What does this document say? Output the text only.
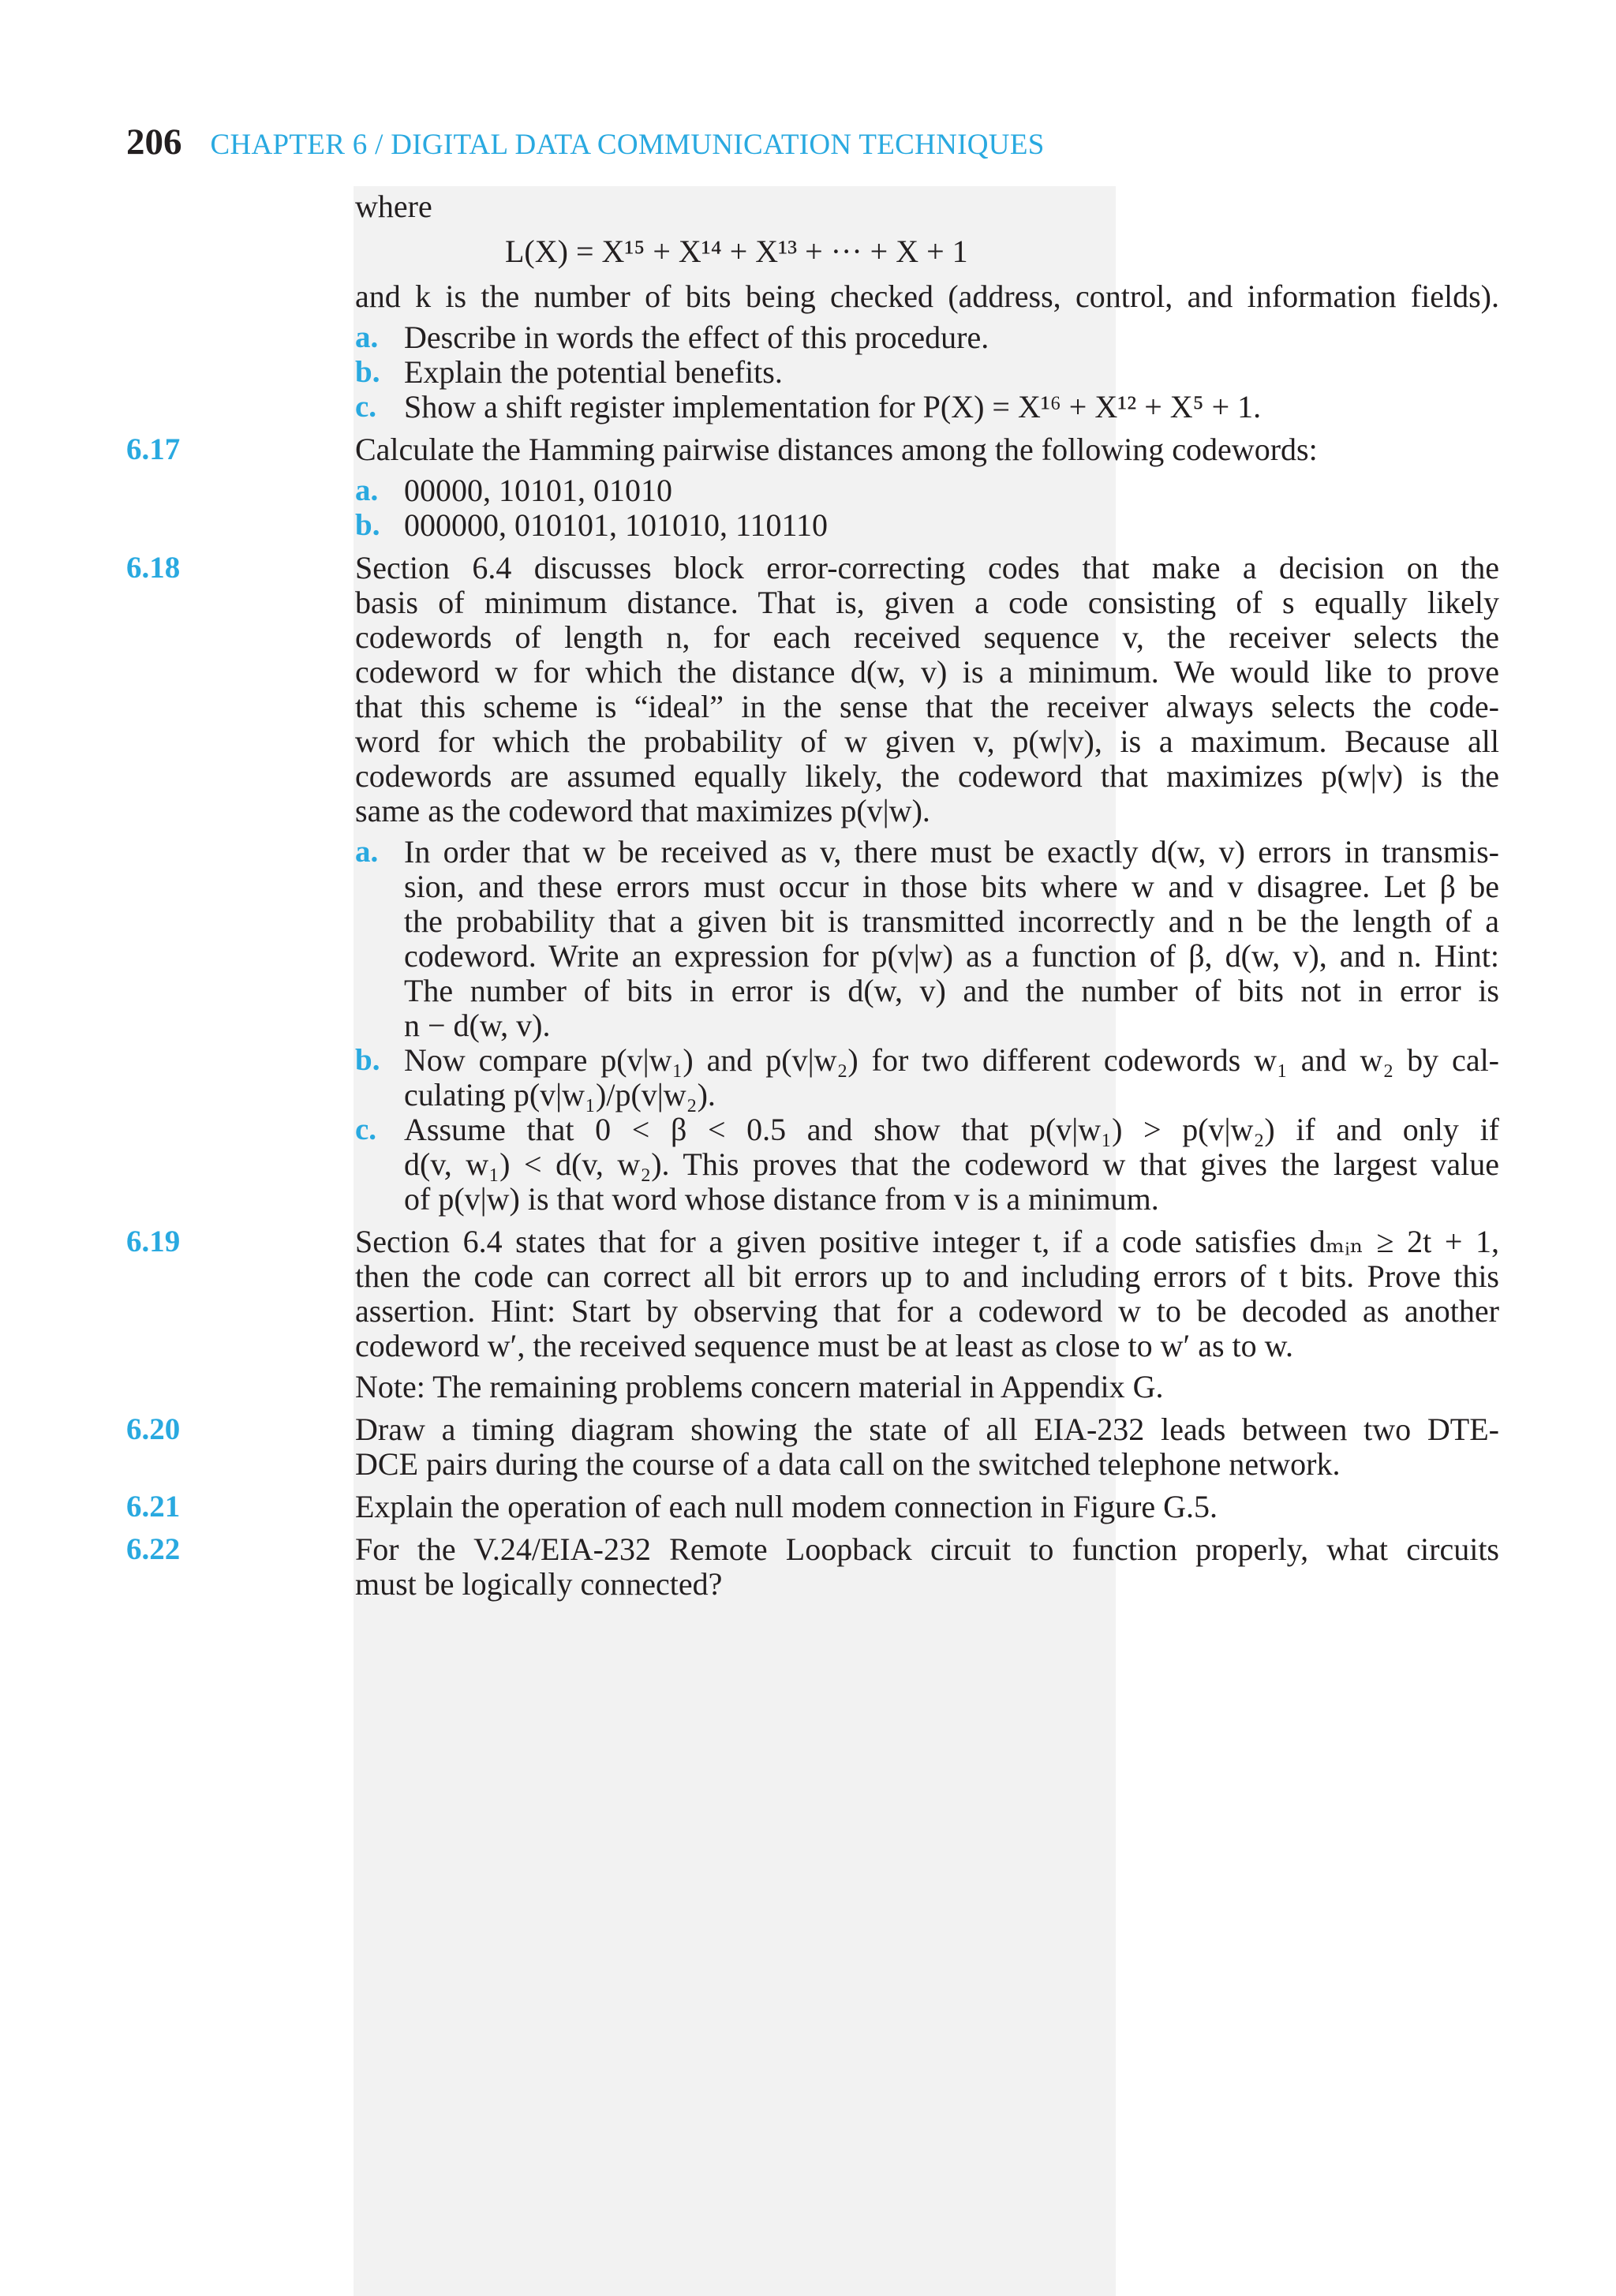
206 CHAPTER 6 / DIGITAL DATA COMMUNICATION TECHNIQUES
where
L(X) = X¹⁵ + X¹⁴ + X¹³ + ··· + X + 1
and k is the number of bits being checked (address, control, and information fields).
a. Describe in words the effect of this procedure.
b. Explain the potential benefits.
c. Show a shift register implementation for P(X) = X¹⁶ + X¹² + X⁵ + 1.
6.17	Calculate the Hamming pairwise distances among the following codewords:
a. 00000, 10101, 01010
b. 000000, 010101, 101010, 110110
6.18	Section 6.4 discusses block error-correcting codes that make a decision on the
basis of minimum distance. That is, given a code consisting of s equally likely
codewords of length n, for each received sequence v, the receiver selects the
codeword w for which the distance d(w, v) is a minimum. We would like to prove
that this scheme is “ideal” in the sense that the receiver always selects the code-
word for which the probability of w given v, p(w|v), is a maximum. Because all
codewords are assumed equally likely, the codeword that maximizes p(w|v) is the
same as the codeword that maximizes p(v|w).
a. In order that w be received as v, there must be exactly d(w, v) errors in transmis-
sion, and these errors must occur in those bits where w and v disagree. Let β be
the probability that a given bit is transmitted incorrectly and n be the length of a
codeword. Write an expression for p(v|w) as a function of β, d(w, v), and n. Hint:
The number of bits in error is d(w, v) and the number of bits not in error is
n − d(w, v).
b. Now compare p(v|w₁) and p(v|w₂) for two different codewords w₁ and w₂ by cal-
culating p(v|w₁)/p(v|w₂).
c. Assume that 0 < β < 0.5 and show that p(v|w₁) > p(v|w₂) if and only if
d(v, w₁) < d(v, w₂). This proves that the codeword w that gives the largest value
of p(v|w) is that word whose distance from v is a minimum.
6.19	Section 6.4 states that for a given positive integer t, if a code satisfies dₘᵢₙ ≥ 2t + 1,
then the code can correct all bit errors up to and including errors of t bits. Prove this
assertion. Hint: Start by observing that for a codeword w to be decoded as another
codeword w′, the received sequence must be at least as close to w′ as to w.
Note: The remaining problems concern material in Appendix G.
6.20	Draw a timing diagram showing the state of all EIA-232 leads between two DTE-
DCE pairs during the course of a data call on the switched telephone network.
6.21	Explain the operation of each null modem connection in Figure G.5.
6.22	For the V.24/EIA-232 Remote Loopback circuit to function properly, what circuits
must be logically connected?
